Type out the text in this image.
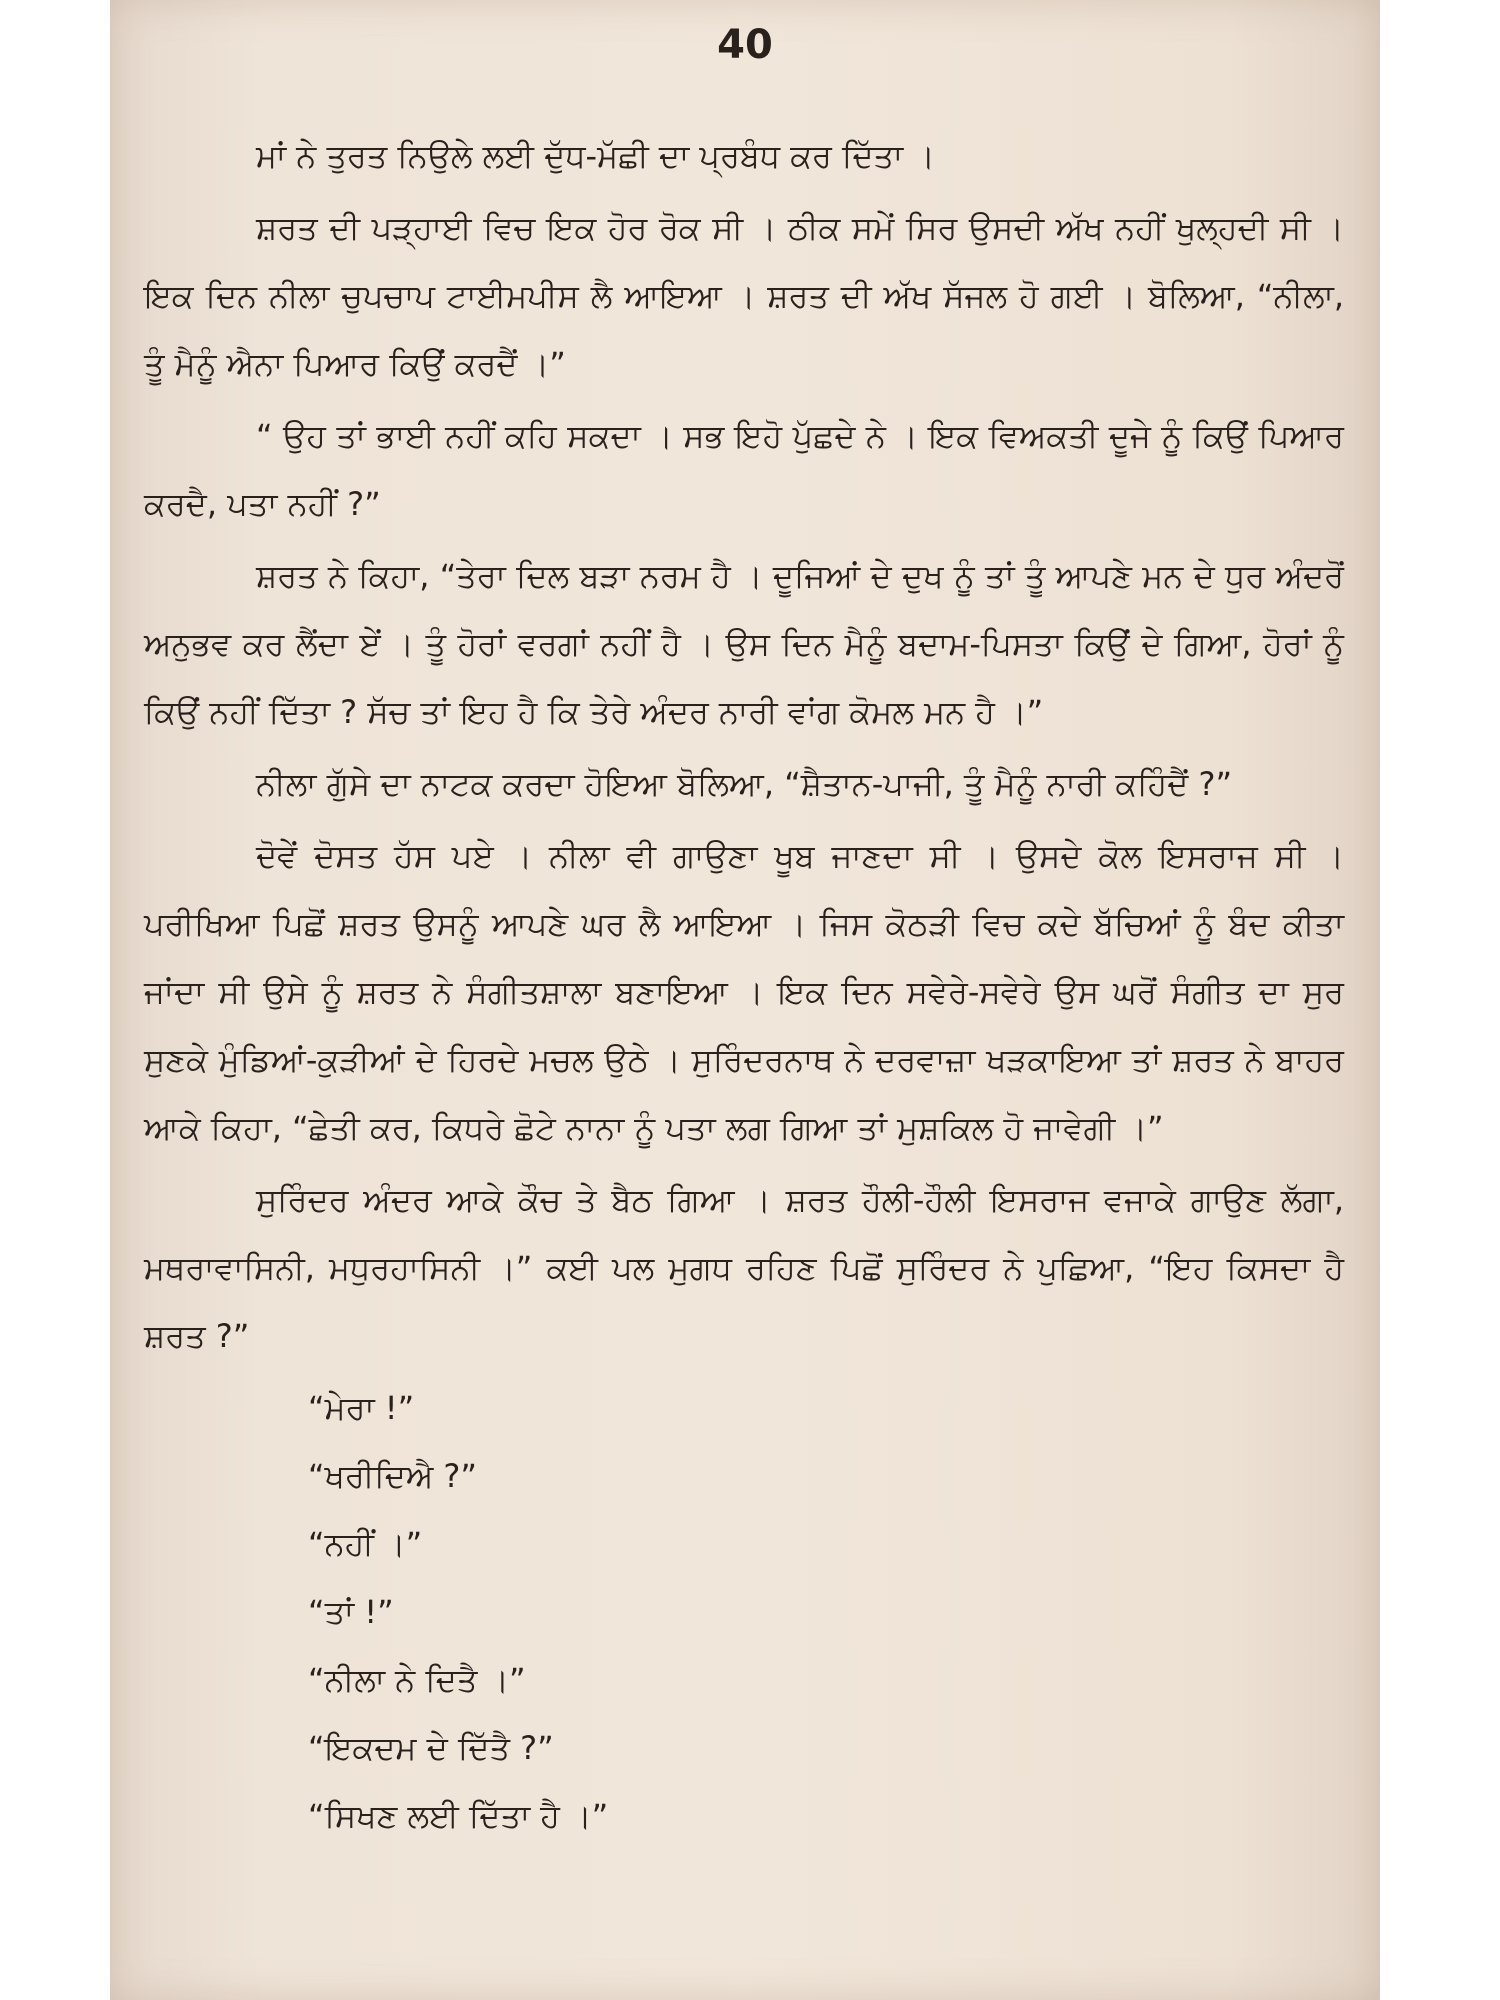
40

ਮਾਂ ਨੇ ਤੁਰਤ ਨਿਉਲੇ ਲਈ ਦੁੱਧ-ਮੱਛੀ ਦਾ ਪ੍ਰਬੰਧ ਕਰ ਦਿੱਤਾ ।

ਸ਼ਰਤ ਦੀ ਪੜ੍ਹਾਈ ਵਿਚ ਇਕ ਹੋਰ ਰੋਕ ਸੀ । ਠੀਕ ਸਮੇਂ ਸਿਰ ਉਸਦੀ ਅੱਖ ਨਹੀਂ ਖੁਲ੍ਹਦੀ ਸੀ । ਇਕ ਦਿਨ ਨੀਲਾ ਚੁਪਚਾਪ ਟਾਈਮਪੀਸ ਲੈ ਆਇਆ । ਸ਼ਰਤ ਦੀ ਅੱਖ ਸੱਜਲ ਹੋ ਗਈ । ਬੋਲਿਆ, “ਨੀਲਾ, ਤੂੰ ਮੈਨੂੰ ਐਨਾ ਪਿਆਰ ਕਿਉਂ ਕਰਦੈਂ ।”

“ ਉਹ ਤਾਂ ਭਾਈ ਨਹੀਂ ਕਹਿ ਸਕਦਾ । ਸਭ ਇਹੋ ਪੁੱਛਦੇ ਨੇ । ਇਕ ਵਿਅਕਤੀ ਦੂਜੇ ਨੂੰ ਕਿਉਂ ਪਿਆਰ ਕਰਦੈ, ਪਤਾ ਨਹੀਂ ?”

ਸ਼ਰਤ ਨੇ ਕਿਹਾ, “ਤੇਰਾ ਦਿਲ ਬੜਾ ਨਰਮ ਹੈ । ਦੂਜਿਆਂ ਦੇ ਦੁਖ ਨੂੰ ਤਾਂ ਤੂੰ ਆਪਣੇ ਮਨ ਦੇ ਧੁਰ ਅੰਦਰੋਂ ਅਨੁਭਵ ਕਰ ਲੈਂਦਾ ਏਂ । ਤੂੰ ਹੋਰਾਂ ਵਰਗਾਂ ਨਹੀਂ ਹੈ । ਉਸ ਦਿਨ ਮੈਨੂੰ ਬਦਾਮ-ਪਿਸਤਾ ਕਿਉਂ ਦੇ ਗਿਆ, ਹੋਰਾਂ ਨੂੰ ਕਿਉਂ ਨਹੀਂ ਦਿੱਤਾ ? ਸੱਚ ਤਾਂ ਇਹ ਹੈ ਕਿ ਤੇਰੇ ਅੰਦਰ ਨਾਰੀ ਵਾਂਗ ਕੋਮਲ ਮਨ ਹੈ ।”

ਨੀਲਾ ਗੁੱਸੇ ਦਾ ਨਾਟਕ ਕਰਦਾ ਹੋਇਆ ਬੋਲਿਆ, “ਸ਼ੈਤਾਨ-ਪਾਜੀ, ਤੂੰ ਮੈਨੂੰ ਨਾਰੀ ਕਹਿੰਦੈਂ ?”

ਦੋਵੇਂ ਦੋਸਤ ਹੱਸ ਪਏ । ਨੀਲਾ ਵੀ ਗਾਉਣਾ ਖੂਬ ਜਾਣਦਾ ਸੀ । ਉਸਦੇ ਕੋਲ ਇਸਰਾਜ ਸੀ । ਪਰੀਖਿਆ ਪਿਛੋਂ ਸ਼ਰਤ ਉਸਨੂੰ ਆਪਣੇ ਘਰ ਲੈ ਆਇਆ । ਜਿਸ ਕੋਠੜੀ ਵਿਚ ਕਦੇ ਬੱਚਿਆਂ ਨੂੰ ਬੰਦ ਕੀਤਾ ਜਾਂਦਾ ਸੀ ਉਸੇ ਨੂੰ ਸ਼ਰਤ ਨੇ ਸੰਗੀਤਸ਼ਾਲਾ ਬਣਾਇਆ । ਇਕ ਦਿਨ ਸਵੇਰੇ-ਸਵੇਰੇ ਉਸ ਘਰੋਂ ਸੰਗੀਤ ਦਾ ਸੁਰ ਸੁਣਕੇ ਮੁੰਡਿਆਂ-ਕੁੜੀਆਂ ਦੇ ਹਿਰਦੇ ਮਚਲ ਉਠੇ । ਸੁਰਿੰਦਰਨਾਥ ਨੇ ਦਰਵਾਜ਼ਾ ਖੜਕਾਇਆ ਤਾਂ ਸ਼ਰਤ ਨੇ ਬਾਹਰ ਆਕੇ ਕਿਹਾ, “ਛੇਤੀ ਕਰ, ਕਿਧਰੇ ਛੋਟੇ ਨਾਨਾ ਨੂੰ ਪਤਾ ਲਗ ਗਿਆ ਤਾਂ ਮੁਸ਼ਕਿਲ ਹੋ ਜਾਵੇਗੀ ।”

ਸੁਰਿੰਦਰ ਅੰਦਰ ਆਕੇ ਕੌਚ ਤੇ ਬੈਠ ਗਿਆ । ਸ਼ਰਤ ਹੌਲੀ-ਹੌਲੀ ਇਸਰਾਜ ਵਜਾਕੇ ਗਾਉਣ ਲੱਗਾ, ਮਥਰਾਵਾਸਿਨੀ, ਮਧੁਰਹਾਸਿਨੀ ।” ਕਈ ਪਲ ਮੁਗਧ ਰਹਿਣ ਪਿਛੋਂ ਸੁਰਿੰਦਰ ਨੇ ਪੁਛਿਆ, “ਇਹ ਕਿਸਦਾ ਹੈ ਸ਼ਰਤ ?”

“ਮੇਰਾ !”

“ਖਰੀਦਿਐ ?”

“ਨਹੀਂ ।”

“ਤਾਂ !”

“ਨੀਲਾ ਨੇ ਦਿਤੈ ।”

“ਇਕਦਮ ਦੇ ਦਿੱਤੈ ?”

“ਸਿਖਣ ਲਈ ਦਿੱਤਾ ਹੈ ।”
